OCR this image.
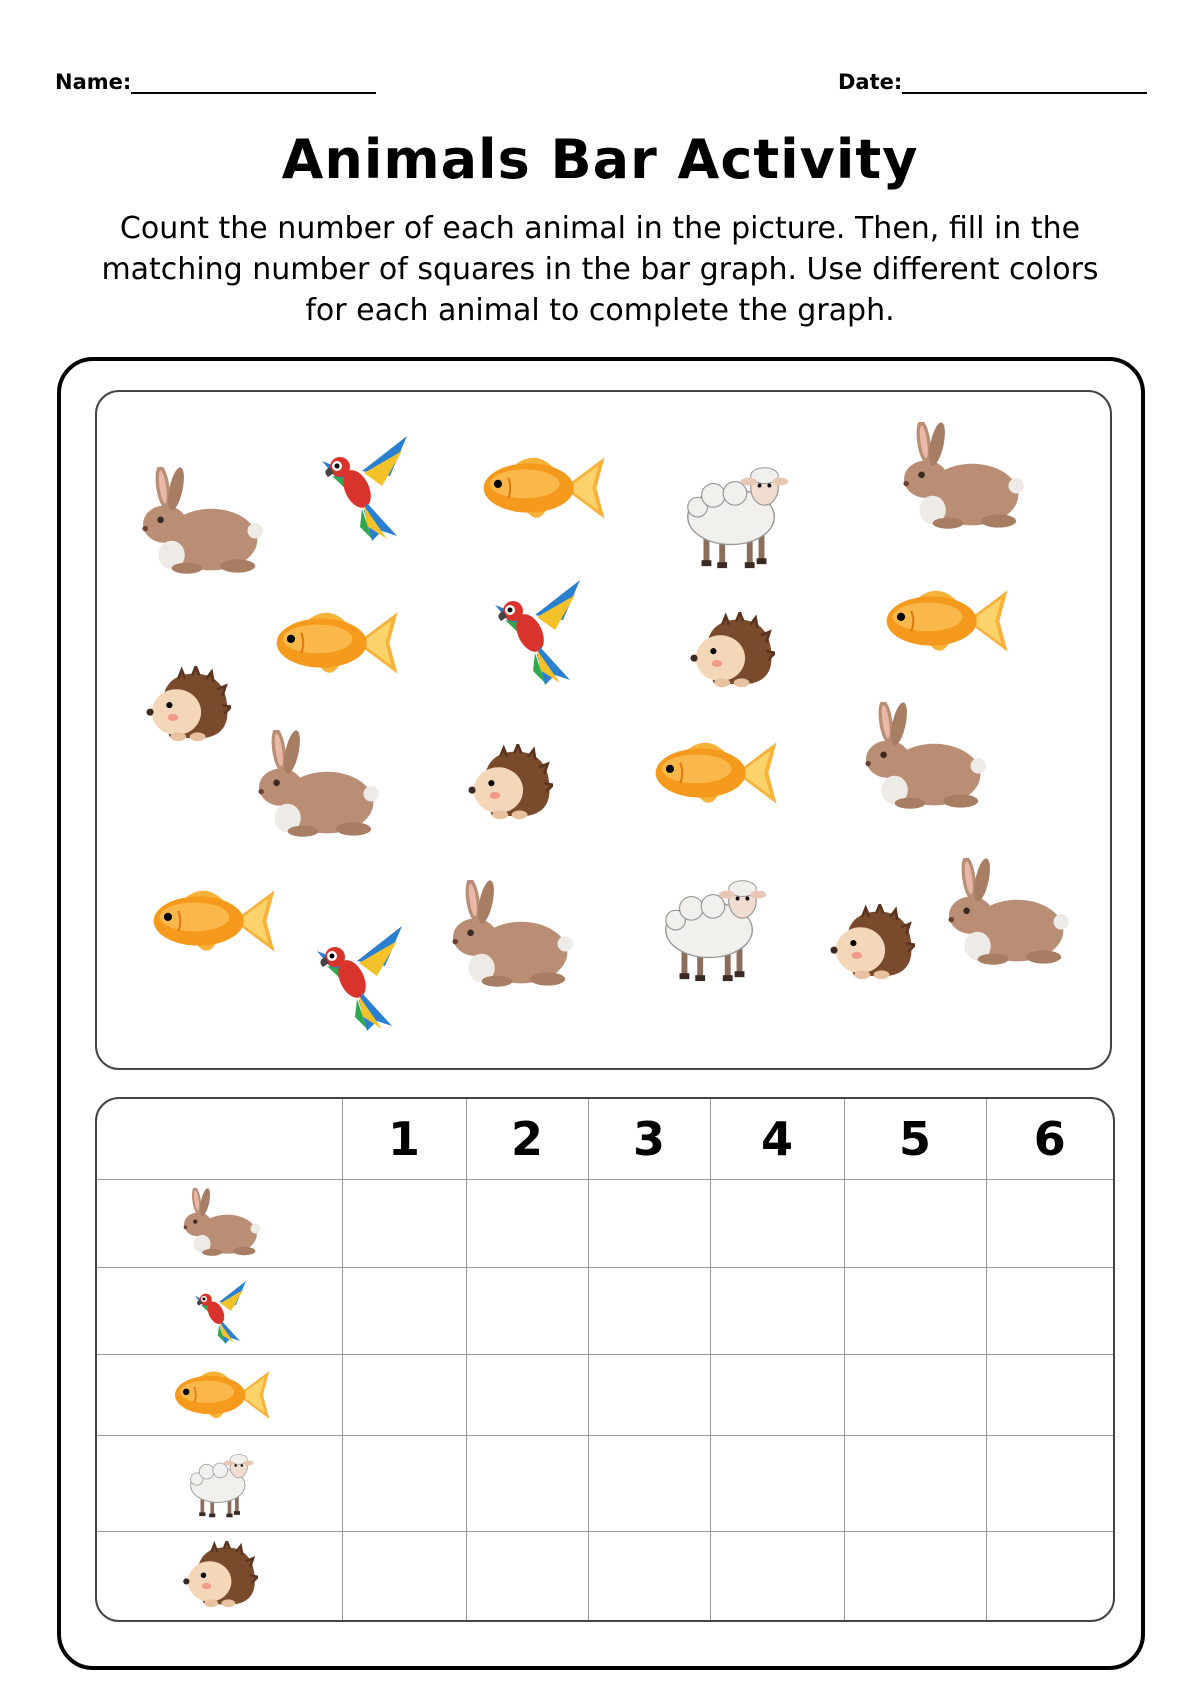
Name:	Date:
Animals Bar Activity
Count the number of each animal in the picture. Then, fill in the matching number of squares in the bar graph. Use different colors for each animal to complete the graph.
	1	2	3	4	5	6
